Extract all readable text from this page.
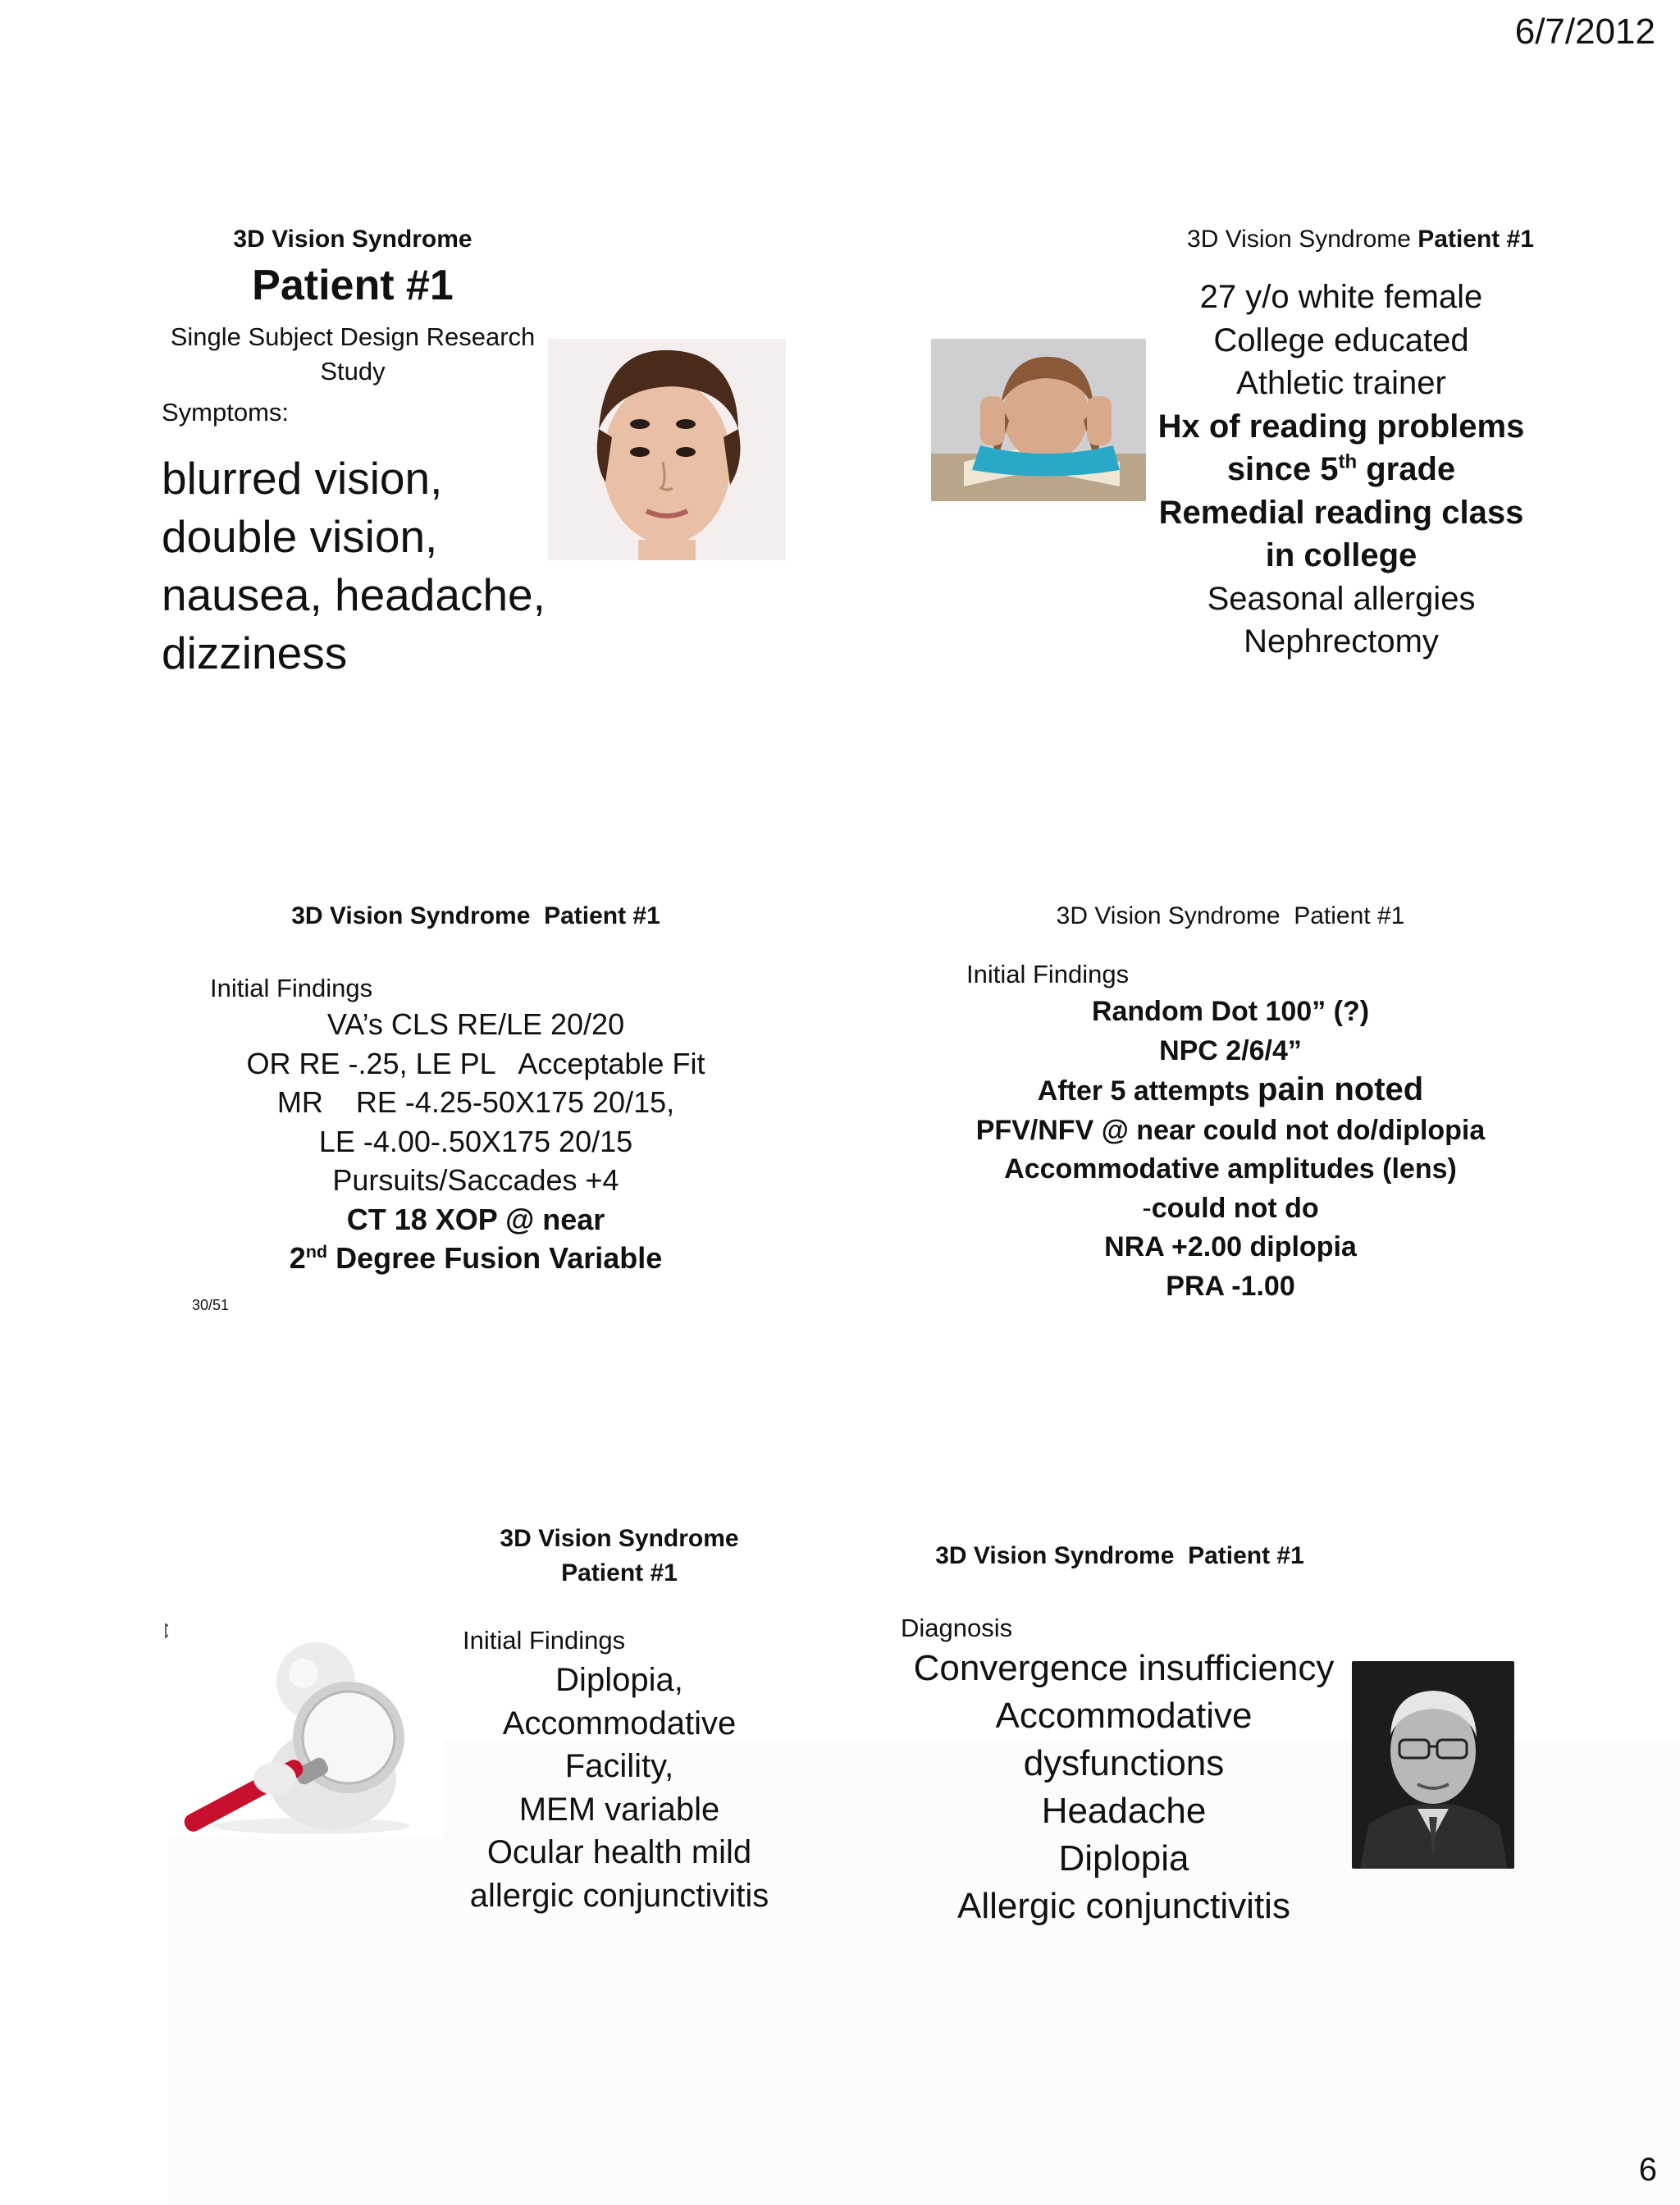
6/7/2012
3D Vision Syndrome
Patient #1
Single Subject Design Research
Study
Symptoms:
blurred vision,
double vision,
nausea, headache,
dizziness
3D Vision Syndrome Patient #1
27 y/o white female
College educated
Athletic trainer
Hx of reading problems
since 5th grade
Remedial reading class
in college
Seasonal allergies
Nephrectomy
3D Vision Syndrome  Patient #1
Initial Findings
VA’s CLS RE/LE 20/20
OR RE -.25, LE PL   Acceptable Fit
MR    RE -4.25-50X175 20/15,
LE -4.00-.50X175 20/15
Pursuits/Saccades +4
CT 18 XOP @ near
2nd Degree Fusion Variable
30/51
3D Vision Syndrome  Patient #1
Initial Findings
Random Dot 100” (?)
NPC 2/6/4”
After 5 attempts pain noted
PFV/NFV @ near could not do/diplopia
Accommodative amplitudes (lens)
-could not do
NRA +2.00 diplopia
PRA -1.00
3D Vision Syndrome
Patient #1
Initial Findings
Diplopia,
Accommodative
Facility,
MEM variable
Ocular health mild
allergic conjunctivitis
3D Vision Syndrome  Patient #1
Diagnosis
Convergence insufficiency
Accommodative
dysfunctions
Headache
Diplopia
Allergic conjunctivitis
6
